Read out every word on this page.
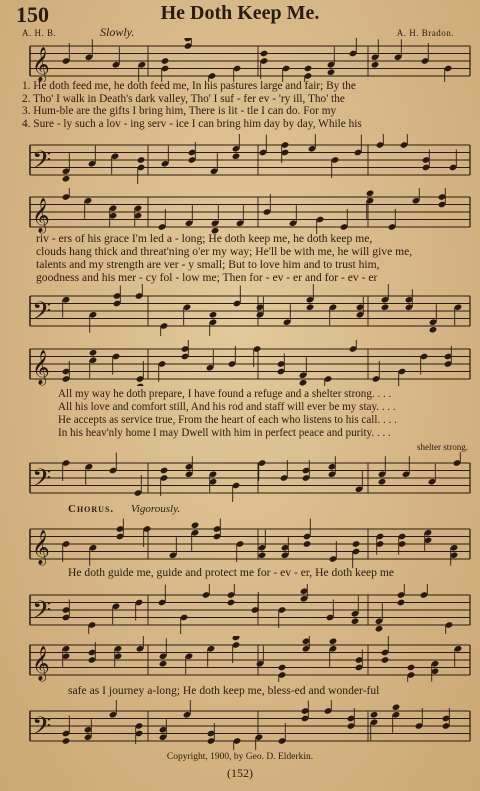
150	He Doth Keep Me.
A. H. B.	Slowly.	A. H. Bradon.
𝄞
1. He doth feed me, he doth feed me, In his pastures large and fair; By the
2. Tho' I walk in Death's dark valley, Tho' I suf - fer ev - 'ry ill, Tho' the
3. Hum-ble are the gifts I bring him, There is lit - tle I can do. For my
4. Sure - ly such a lov - ing serv - ice I can bring him day by day, While his
𝄢
𝄞
riv - ers of his grace I'm led a - long; He doth keep me, he doth keep me,
clouds hang thick and threat'ning o'er my way; He'll be with me, he will give me,
talents and my strength are ver - y small; But to love him and to trust him,
goodness and his mer - cy fol - low me; Then for - ev - er and for - ev - er
𝄢
𝄞
All my way he doth prepare, I have found a refuge and a shelter strong. . . .
All his love and comfort still, And his rod and staff will ever be my stay. . . .
He accepts as service true, From the heart of each who listens to his call. . . .
In his heav'nly home I may Dwell with him in perfect peace and purity. . . .
shelter strong.
𝄢
Chorus. Vigorously.
𝄞
He doth guide me, guide and protect me for - ev - er, He doth keep me
𝄢
𝄞
safe as I journey a-long; He doth keep me, bless-ed and wonder-ful
𝄢
Copyright, 1900, by Geo. D. Elderkin.
(152)
